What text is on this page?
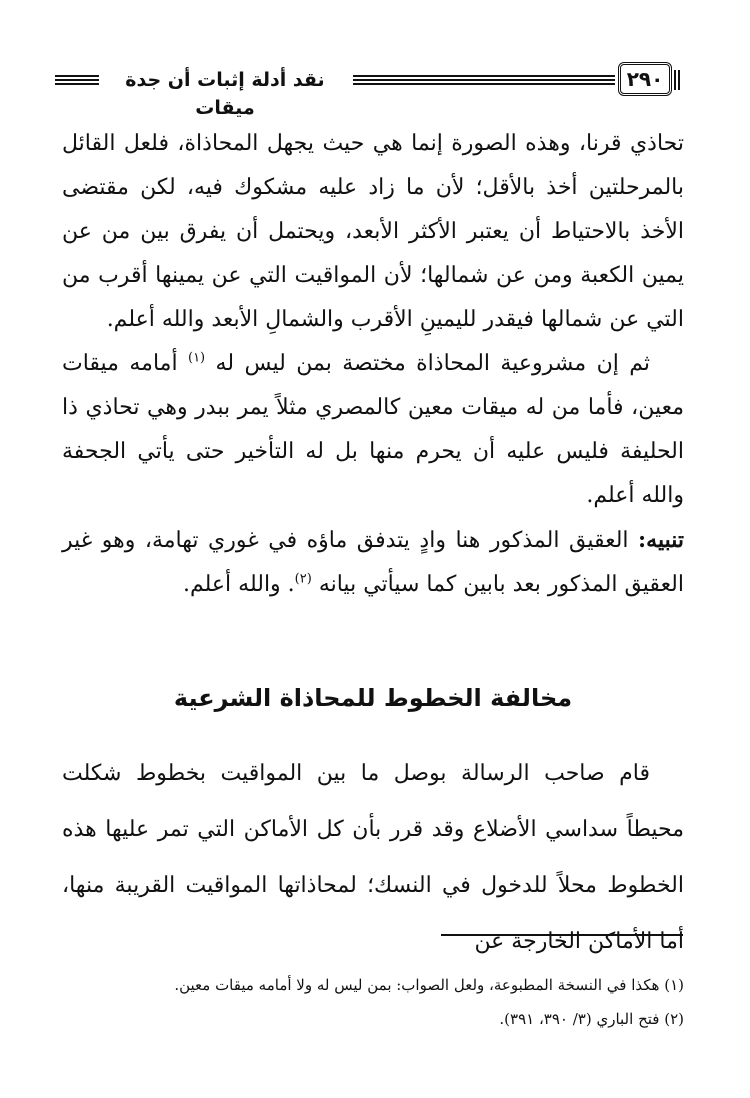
نقد أدلة إثبات أن جدة ميقات
٢٩٠

تحاذي قرنا، وهذه الصورة إنما هي حيث يجهل المحاذاة، فلعل القائل بالمرحلتين أخذ بالأقل؛ لأن ما زاد عليه مشكوك فيه، لكن مقتضى الأخذ بالاحتياط أن يعتبر الأكثر الأبعد، ويحتمل أن يفرق بين من عن يمين الكعبة ومن عن شمالها؛ لأن المواقيت التي عن يمينها أقرب من التي عن شمالها فيقدر لليمينِ الأقرب والشمالِ الأبعد والله أعلم.

ثم إن مشروعية المحاذاة مختصة بمن ليس له $^{(١)}$ أمامه ميقات معين، فأما من له ميقات معين كالمصري مثلاً يمر ببدر وهي تحاذي ذا الحليفة فليس عليه أن يحرم منها بل له التأخير حتى يأتي الجحفة والله أعلم.

تنبيه: العقيق المذكور هنا وادٍ يتدفق ماؤه في غوري تهامة، وهو غير العقيق المذكور بعد بابين كما سيأتي بيانه $^{(٢)}$. والله أعلم.

مخالفة الخطوط للمحاذاة الشرعية

قام صاحب الرسالة بوصل ما بين المواقيت بخطوط شكلت محيطاً سداسي الأضلاع وقد قرر بأن كل الأماكن التي تمر عليها هذه الخطوط محلاً للدخول في النسك؛ لمحاذاتها المواقيت القريبة منها، أما الأماكن الخارجة عن

(١) هكذا في النسخة المطبوعة، ولعل الصواب: بمن ليس له ولا أمامه ميقات معين.

(٢) فتح الباري (٣/ ٣٩٠، ٣٩١).
